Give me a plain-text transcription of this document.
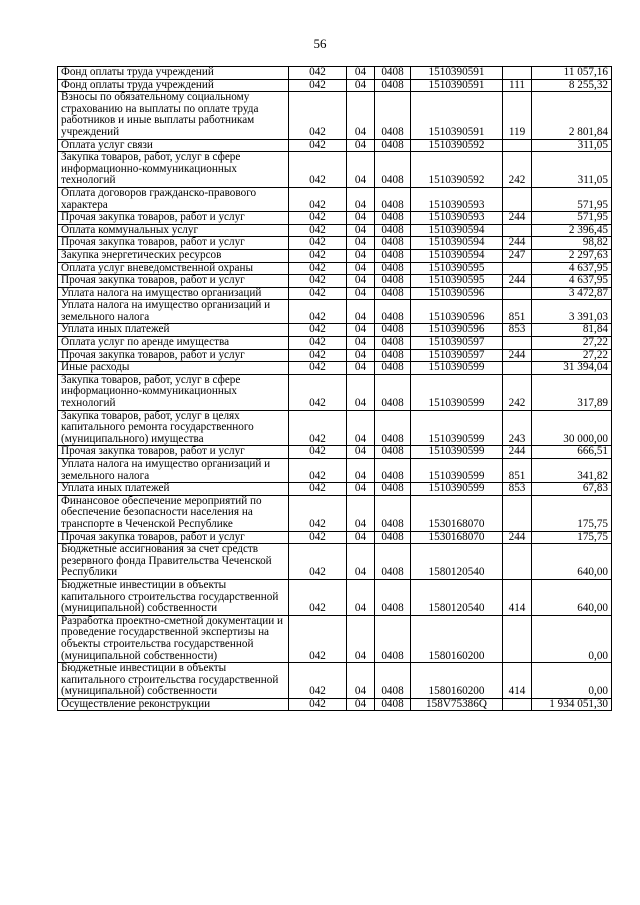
56
Фонд оплаты труда учреждений	042	04	0408	1510390591		11 057,16
Фонд оплаты труда учреждений	042	04	0408	1510390591	111	8 255,32
Взносы по обязательному социальному страхованию на выплаты по оплате труда работников и иные выплаты работникам учреждений	042	04	0408	1510390591	119	2 801,84
Оплата услуг связи	042	04	0408	1510390592		311,05
Закупка товаров, работ, услуг в сфере информационно-коммуникационных технологий	042	04	0408	1510390592	242	311,05
Оплата договоров гражданско-правового характера	042	04	0408	1510390593		571,95
Прочая закупка товаров, работ и услуг	042	04	0408	1510390593	244	571,95
Оплата коммунальных услуг	042	04	0408	1510390594		2 396,45
Прочая закупка товаров, работ и услуг	042	04	0408	1510390594	244	98,82
Закупка энергетических ресурсов	042	04	0408	1510390594	247	2 297,63
Оплата услуг вневедомственной охраны	042	04	0408	1510390595		4 637,95
Прочая закупка товаров, работ и услуг	042	04	0408	1510390595	244	4 637,95
Уплата налога на имущество организаций	042	04	0408	1510390596		3 472,87
Уплата налога на имущество организаций и земельного налога	042	04	0408	1510390596	851	3 391,03
Уплата иных платежей	042	04	0408	1510390596	853	81,84
Оплата услуг по аренде имущества	042	04	0408	1510390597		27,22
Прочая закупка товаров, работ и услуг	042	04	0408	1510390597	244	27,22
Иные расходы	042	04	0408	1510390599		31 394,04
Закупка товаров, работ, услуг в сфере информационно-коммуникационных технологий	042	04	0408	1510390599	242	317,89
Закупка товаров, работ, услуг в целях капитального ремонта государственного (муниципального) имущества	042	04	0408	1510390599	243	30 000,00
Прочая закупка товаров, работ и услуг	042	04	0408	1510390599	244	666,51
Уплата налога на имущество организаций и земельного налога	042	04	0408	1510390599	851	341,82
Уплата иных платежей	042	04	0408	1510390599	853	67,83
Финансовое обеспечение мероприятий по обеспечение безопасности населения на транспорте в Чеченской Республике	042	04	0408	1530168070		175,75
Прочая закупка товаров, работ и услуг	042	04	0408	1530168070	244	175,75
Бюджетные ассигнования за счет средств резервного фонда Правительства Чеченской Республики	042	04	0408	1580120540		640,00
Бюджетные инвестиции в объекты капитального строительства государственной (муниципальной) собственности	042	04	0408	1580120540	414	640,00
Разработка проектно-сметной документации и проведение государственной экспертизы на объекты строительства государственной (муниципальной собственности)	042	04	0408	1580160200		0,00
Бюджетные инвестиции в объекты капитального строительства государственной (муниципальной) собственности	042	04	0408	1580160200	414	0,00
Осуществление реконструкции	042	04	0408	158V75386Q		1 934 051,30
